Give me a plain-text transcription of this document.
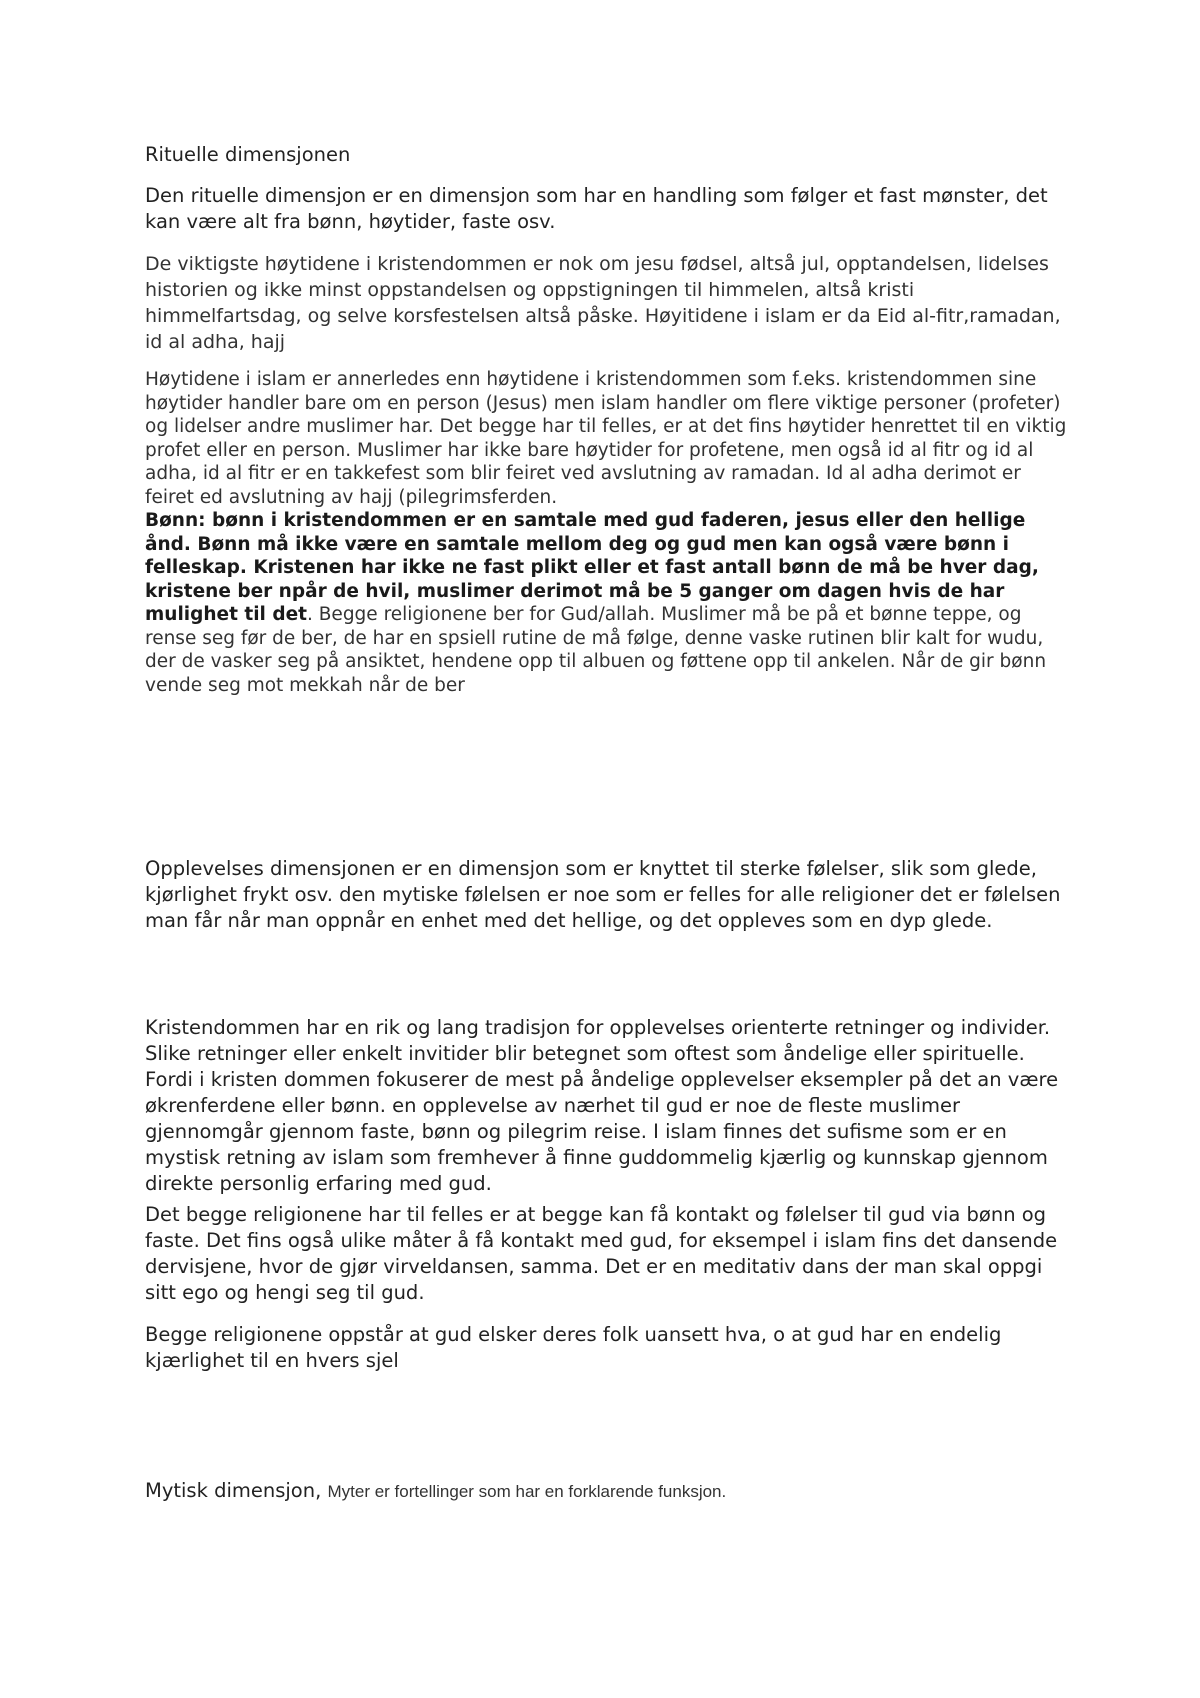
Rituelle dimensjonen

Den rituelle dimensjon er en dimensjon som har en handling som følger et fast mønster, det kan være alt fra bønn, høytider, faste osv.

De viktigste høytidene i kristendommen er nok om jesu fødsel, altså jul, opptandelsen, lidelses historien og ikke minst oppstandelsen og oppstigningen til himmelen, altså kristi himmelfartsdag, og selve korsfestelsen altså påske. Høyitidene i islam er da Eid al-fitr,ramadan, id al adha, hajj

Høytidene i islam er annerledes enn høytidene i kristendommen som f.eks. kristendommen sine høytider handler bare om en person (Jesus) men islam handler om flere viktige personer (profeter) og lidelser andre muslimer har. Det begge har til felles, er at det fins høytider henrettet til en viktig profet eller en person. Muslimer har ikke bare høytider for profetene, men også id al fitr og id al adha, id al fitr er en takkefest som blir feiret ved avslutning av ramadan. Id al adha derimot er feiret ed avslutning av hajj (pilegrimsferden.
Bønn: bønn i kristendommen er en samtale med gud faderen, jesus eller den hellige ånd. Bønn må ikke være en samtale mellom deg og gud men kan også være bønn i felleskap. Kristenen har ikke ne fast plikt eller et fast antall bønn de må be hver dag, kristene ber npår de hvil, muslimer derimot må be 5 ganger om dagen hvis de har mulighet til det. Begge religionene ber for Gud/allah. Muslimer må be på et bønne teppe, og rense seg før de ber, de har en spsiell rutine de må følge, denne vaske rutinen blir kalt for wudu, der de vasker seg på ansiktet, hendene opp til albuen og føttene opp til ankelen. Når de gir bønn vende seg mot mekkah når de ber

Opplevelses dimensjonen er en dimensjon som er knyttet til sterke følelser, slik som glede, kjørlighet frykt osv. den mytiske følelsen er noe som er felles for alle religioner det er følelsen man får når man oppnår en enhet med det hellige, og det oppleves som en dyp glede.

Kristendommen har en rik og lang tradisjon for opplevelses orienterte retninger og individer. Slike retninger eller enkelt invitider blir betegnet som oftest som åndelige eller spirituelle. Fordi i kristen dommen fokuserer de mest på åndelige opplevelser eksempler på det an være økrenferdene eller bønn. en opplevelse av nærhet til gud er noe de fleste muslimer gjennomgår gjennom faste, bønn og pilegrim reise. I islam finnes det sufisme som er en mystisk retning av islam som fremhever å finne guddommelig kjærlig og kunnskap gjennom direkte personlig erfaring med gud.

Det begge religionene har til felles er at begge kan få kontakt og følelser til gud via bønn og faste. Det fins også ulike måter å få kontakt med gud, for eksempel i islam fins det dansende dervisjene, hvor de gjør virveldansen, samma. Det er en meditativ dans der man skal oppgi sitt ego og hengi seg til gud.

Begge religionene oppstår at gud elsker deres folk uansett hva, o at gud har en endelig kjærlighet til en hvers sjel

Mytisk dimensjon, Myter er fortellinger som har en forklarende funksjon.
